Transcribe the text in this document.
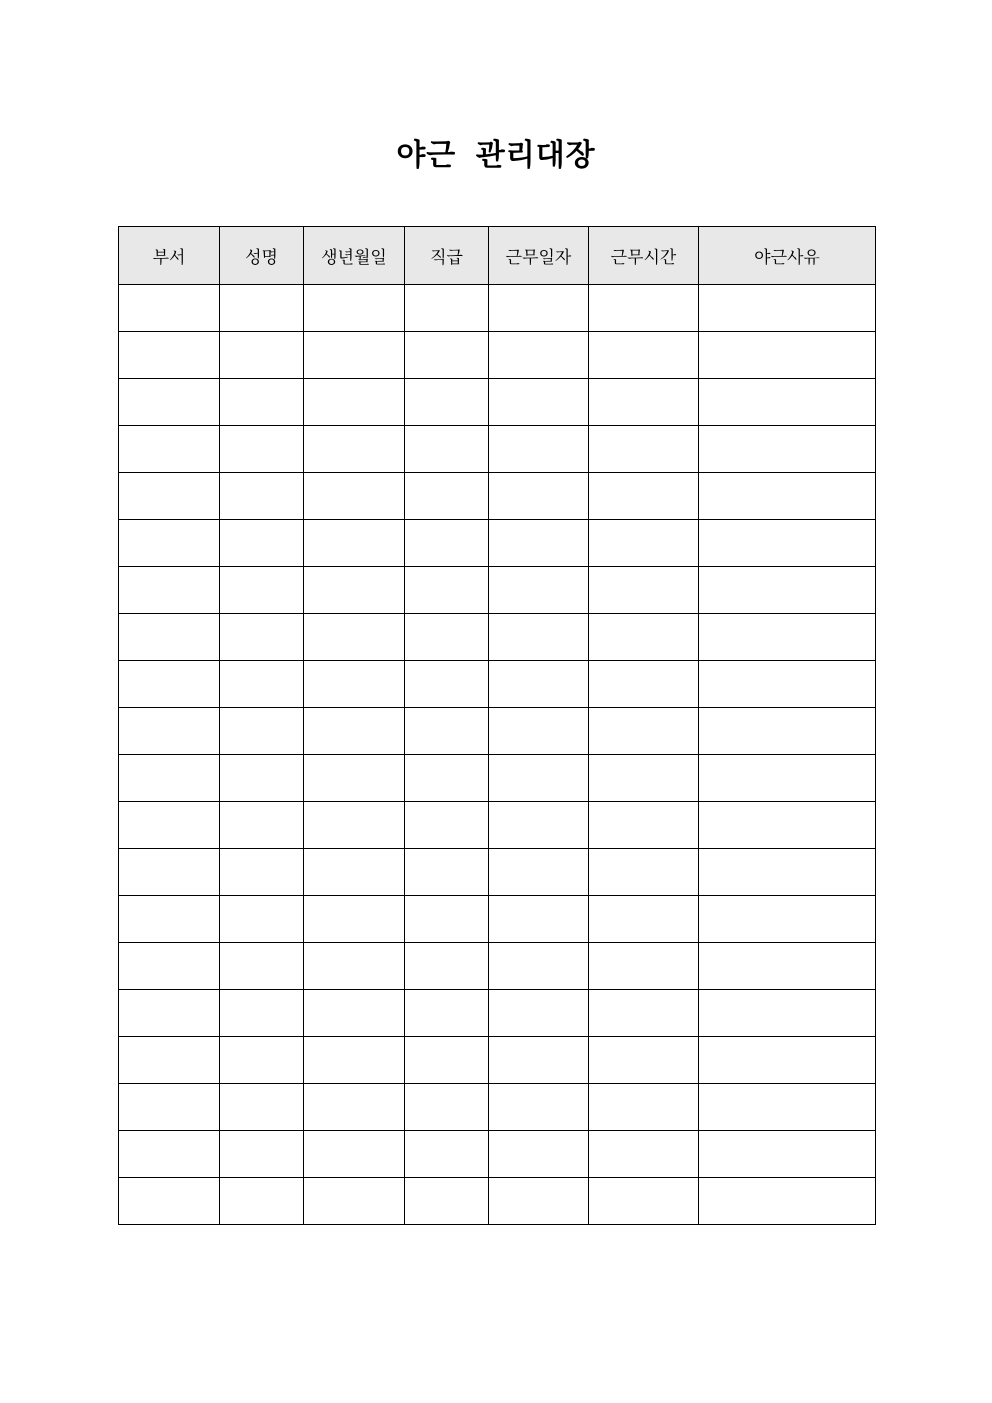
야근 관리대장
부서	성명	생년월일	직급	근무일자	근무시간	야근사유
